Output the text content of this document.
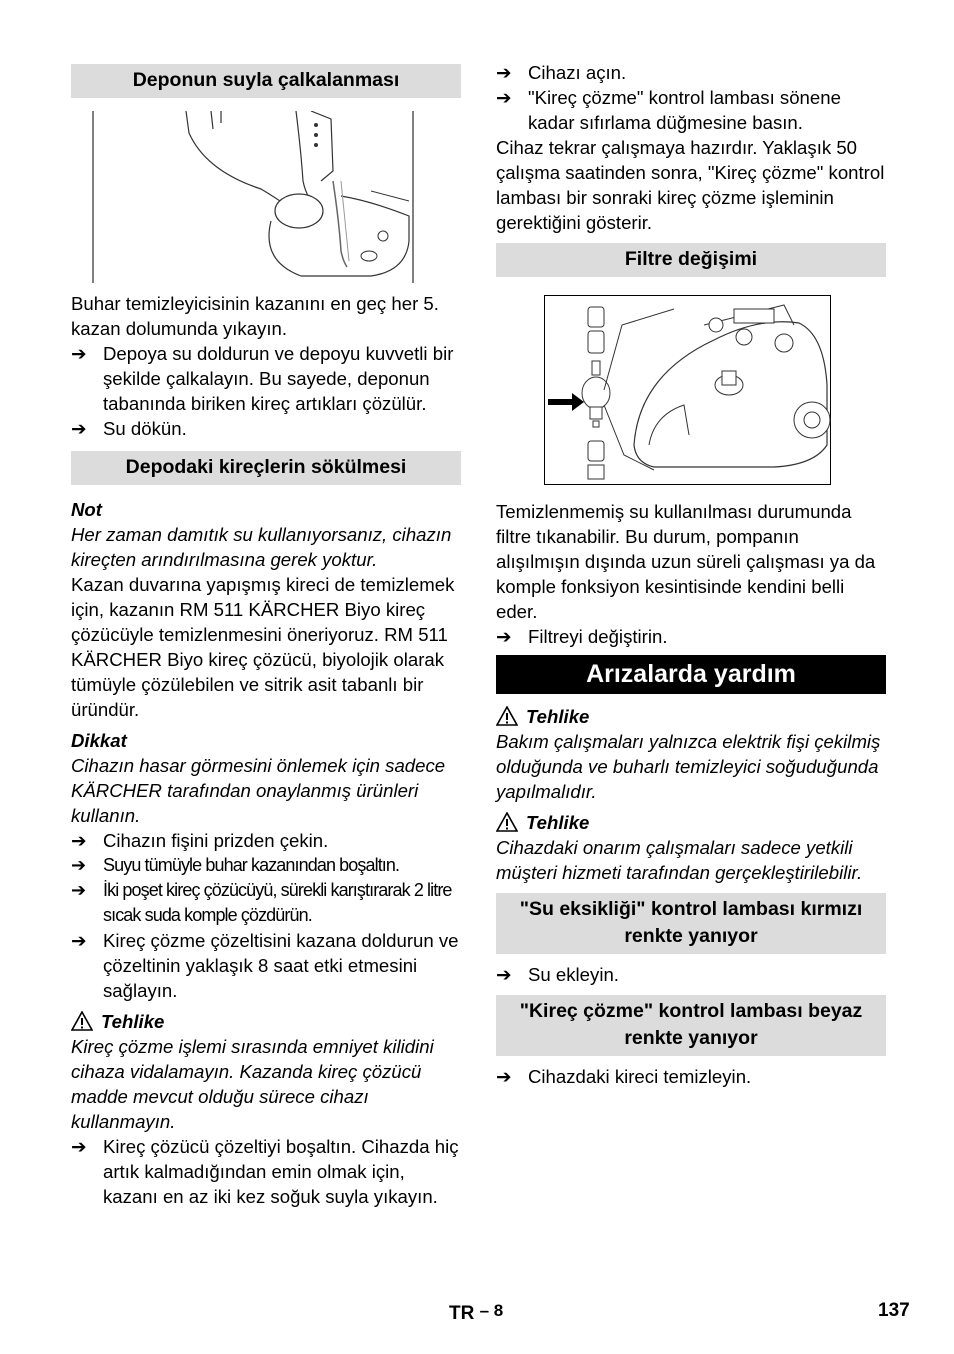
Deponun suyla çalkalanması

Buhar temizleyicisinin kazanını en geç her 5. kazan dolumunda yıkayın.

➔ Depoya su doldurun ve depoyu kuvvetli bir şekilde çalkalayın. Bu sayede, deponun tabanında biriken kireç artıkları çözülür.
➔ Su dökün.
Depodaki kireçlerin sökülmesi

Not

Her zaman damıtık su kullanıyorsanız, cihazın kireçten arındırılmasına gerek yoktur.

Kazan duvarına yapışmış kireci de temizlemek için, kazanın RM 511 KÄRCHER Biyo kireç çözücüyle temizlenmesini öneriyoruz. RM 511 KÄRCHER Biyo kireç çözücü, biyolojik olarak tümüyle çözülebilen ve sitrik asit tabanlı bir üründür.

Dikkat

Cihazın hasar görmesini önlemek için sadece KÄRCHER tarafından onaylanmış ürünleri kullanın.

➔ Cihazın fişini prizden çekin.
➔ Suyu tümüyle buhar kazanından boşaltın.
➔ İki poşet kireç çözücüyü, sürekli karıştırarak 2 litre sıcak suda komple çözdürün.
➔ Kireç çözme çözeltisini kazana doldurun ve çözeltinin yaklaşık 8 saat etki etmesini sağlayın.

Tehlike

Kireç çözme işlemi sırasında emniyet kilidini cihaza vidalamayın. Kazanda kireç çözücü madde mevcut olduğu sürece cihazı kullanmayın.

➔ Kireç çözücü çözeltiyi boşaltın. Cihazda hiç artık kalmadığından emin olmak için, kazanı en az iki kez soğuk suyla yıkayın.
➔ Cihazı açın.
➔ "Kireç çözme" kontrol lambası sönene kadar sıfırlama düğmesine basın.

Cihaz tekrar çalışmaya hazırdır. Yaklaşık 50 çalışma saatinden sonra, "Kireç çözme" kontrol lambası bir sonraki kireç çözme işleminin gerektiğini gösterir.

Filtre değişimi

Temizlenmemiş su kullanılması durumunda filtre tıkanabilir. Bu durum, pompanın alışılmışın dışında uzun süreli çalışması ya da komple fonksiyon kesintisinde kendini belli eder.

➔ Filtreyi değiştirin.
Arızalarda yardım

Tehlike

Bakım çalışmaları yalnızca elektrik fişi çekilmiş olduğunda ve buharlı temizleyici soğuduğunda yapılmalıdır.

Tehlike

Cihazdaki onarım çalışmaları sadece yetkili müşteri hizmeti tarafından gerçekleştirilebilir.

"Su eksikliği" kontrol lambası kırmızı renkte yanıyor
➔ Su ekleyin.
"Kireç çözme" kontrol lambası beyaz renkte yanıyor
➔ Cihazdaki kireci temizleyin.
TR – 8	137
